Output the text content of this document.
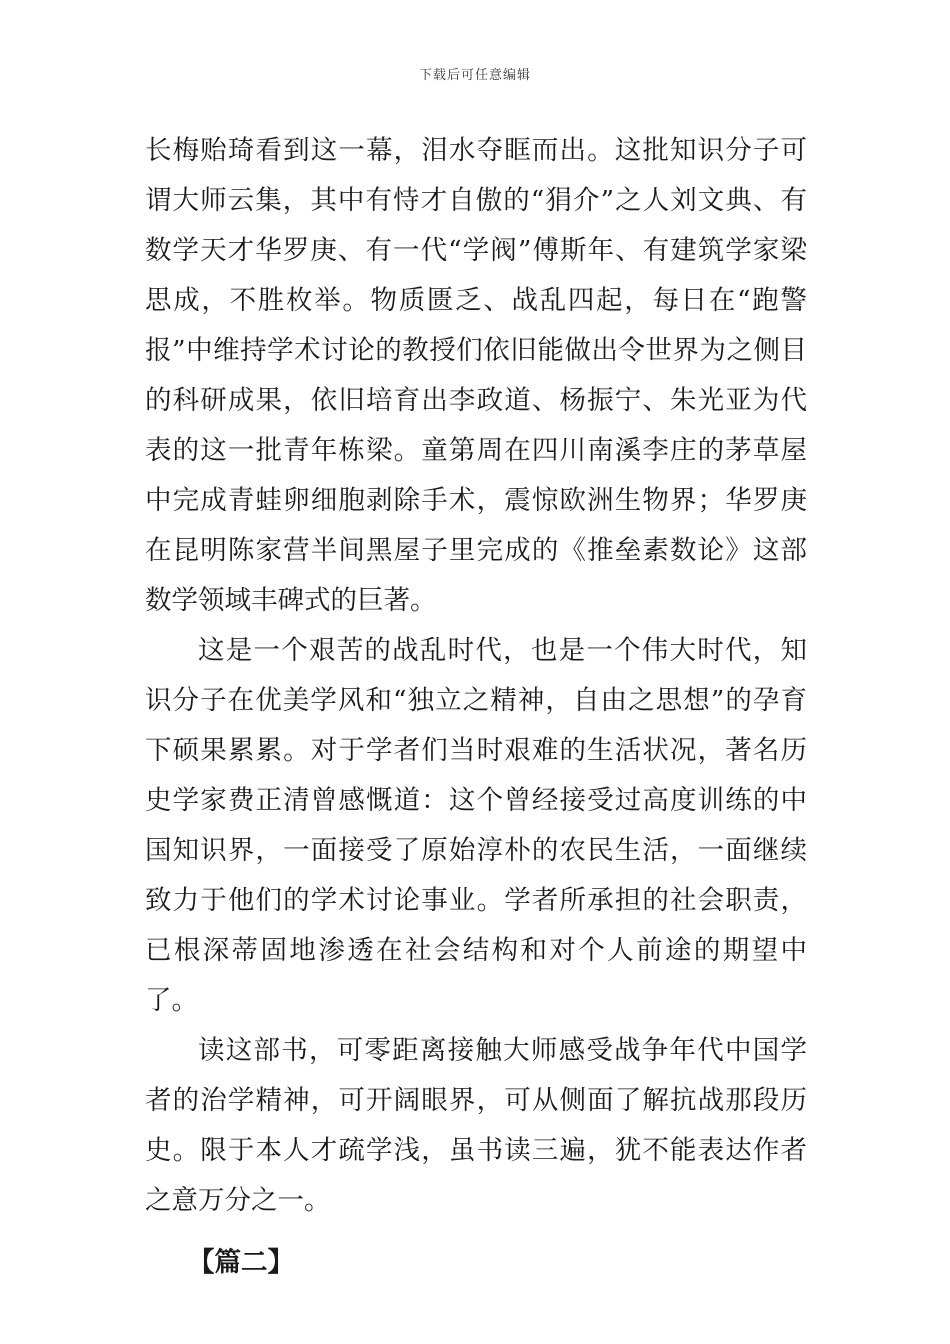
下载后可任意编辑

长梅贻琦看到这一幕，泪水夺眶而出。这批知识分子可谓大师云集，其中有恃才自傲的“狷介”之人刘文典、有数学天才华罗庚、有一代“学阀”傅斯年、有建筑学家梁思成，不胜枚举。物质匮乏、战乱四起，每日在“跑警报”中维持学术讨论的教授们依旧能做出令世界为之侧目的科研成果，依旧培育出李政道、杨振宁、朱光亚为代表的这一批青年栋梁。童第周在四川南溪李庄的茅草屋中完成青蛙卵细胞剥除手术，震惊欧洲生物界；华罗庚在昆明陈家营半间黑屋子里完成的《推垒素数论》这部数学领域丰碑式的巨著。

这是一个艰苦的战乱时代，也是一个伟大时代，知识分子在优美学风和“独立之精神，自由之思想”的孕育下硕果累累。对于学者们当时艰难的生活状况，著名历史学家费正清曾感慨道：这个曾经接受过高度训练的中国知识界，一面接受了原始淳朴的农民生活，一面继续致力于他们的学术讨论事业。学者所承担的社会职责，已根深蒂固地渗透在社会结构和对个人前途的期望中了。

读这部书，可零距离接触大师感受战争年代中国学者的治学精神，可开阔眼界，可从侧面了解抗战那段历史。限于本人才疏学浅，虽书读三遍，犹不能表达作者之意万分之一。

【篇二】
